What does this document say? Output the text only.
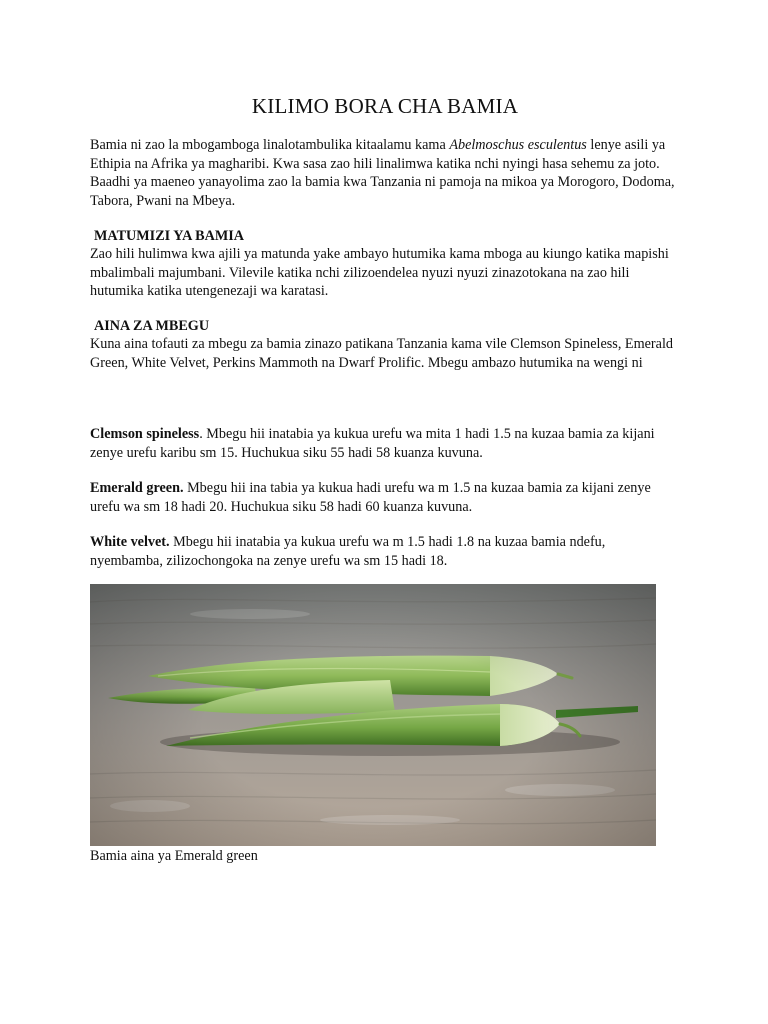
KILIMO BORA CHA BAMIA

Bamia ni zao la mbogamboga linalotambulika kitaalamu kama Abelmoschus esculentus lenye asili ya Ethipia na Afrika ya magharibi. Kwa sasa zao hili linalimwa katika nchi nyingi hasa sehemu za joto. Baadhi ya maeneo yanayolima zao la bamia kwa Tanzania ni pamoja na mikoa ya Morogoro, Dodoma, Tabora, Pwani na Mbeya.

MATUMIZI YA BAMIA

Zao hili hulimwa kwa ajili ya matunda yake ambayo hutumika kama mboga au kiungo katika mapishi mbalimbali majumbani. Vilevile katika nchi zilizoendelea nyuzi nyuzi zinazotokana na zao hili hutumika katika utengenezaji wa karatasi.

AINA ZA MBEGU

Kuna aina tofauti za mbegu za bamia zinazo patikana Tanzania kama vile Clemson Spineless, Emerald Green, White Velvet, Perkins Mammoth na Dwarf Prolific. Mbegu ambazo hutumika na wengi ni

Clemson spineless. Mbegu hii inatabia ya kukua urefu wa mita 1 hadi 1.5 na kuzaa bamia za kijani zenye urefu karibu sm 15. Huchukua siku 55 hadi 58 kuanza kuvuna.

Emerald green. Mbegu hii ina tabia ya kukua hadi urefu wa m 1.5 na kuzaa bamia za kijani zenye urefu wa sm 18 hadi 20. Huchukua siku 58 hadi 60 kuanza kuvuna.

White velvet. Mbegu hii inatabia ya kukua urefu wa m 1.5 hadi 1.8 na kuzaa bamia ndefu, nyembamba, zilizochongoka na zenye urefu wa sm 15 hadi 18.

Bamia aina ya Emerald green
